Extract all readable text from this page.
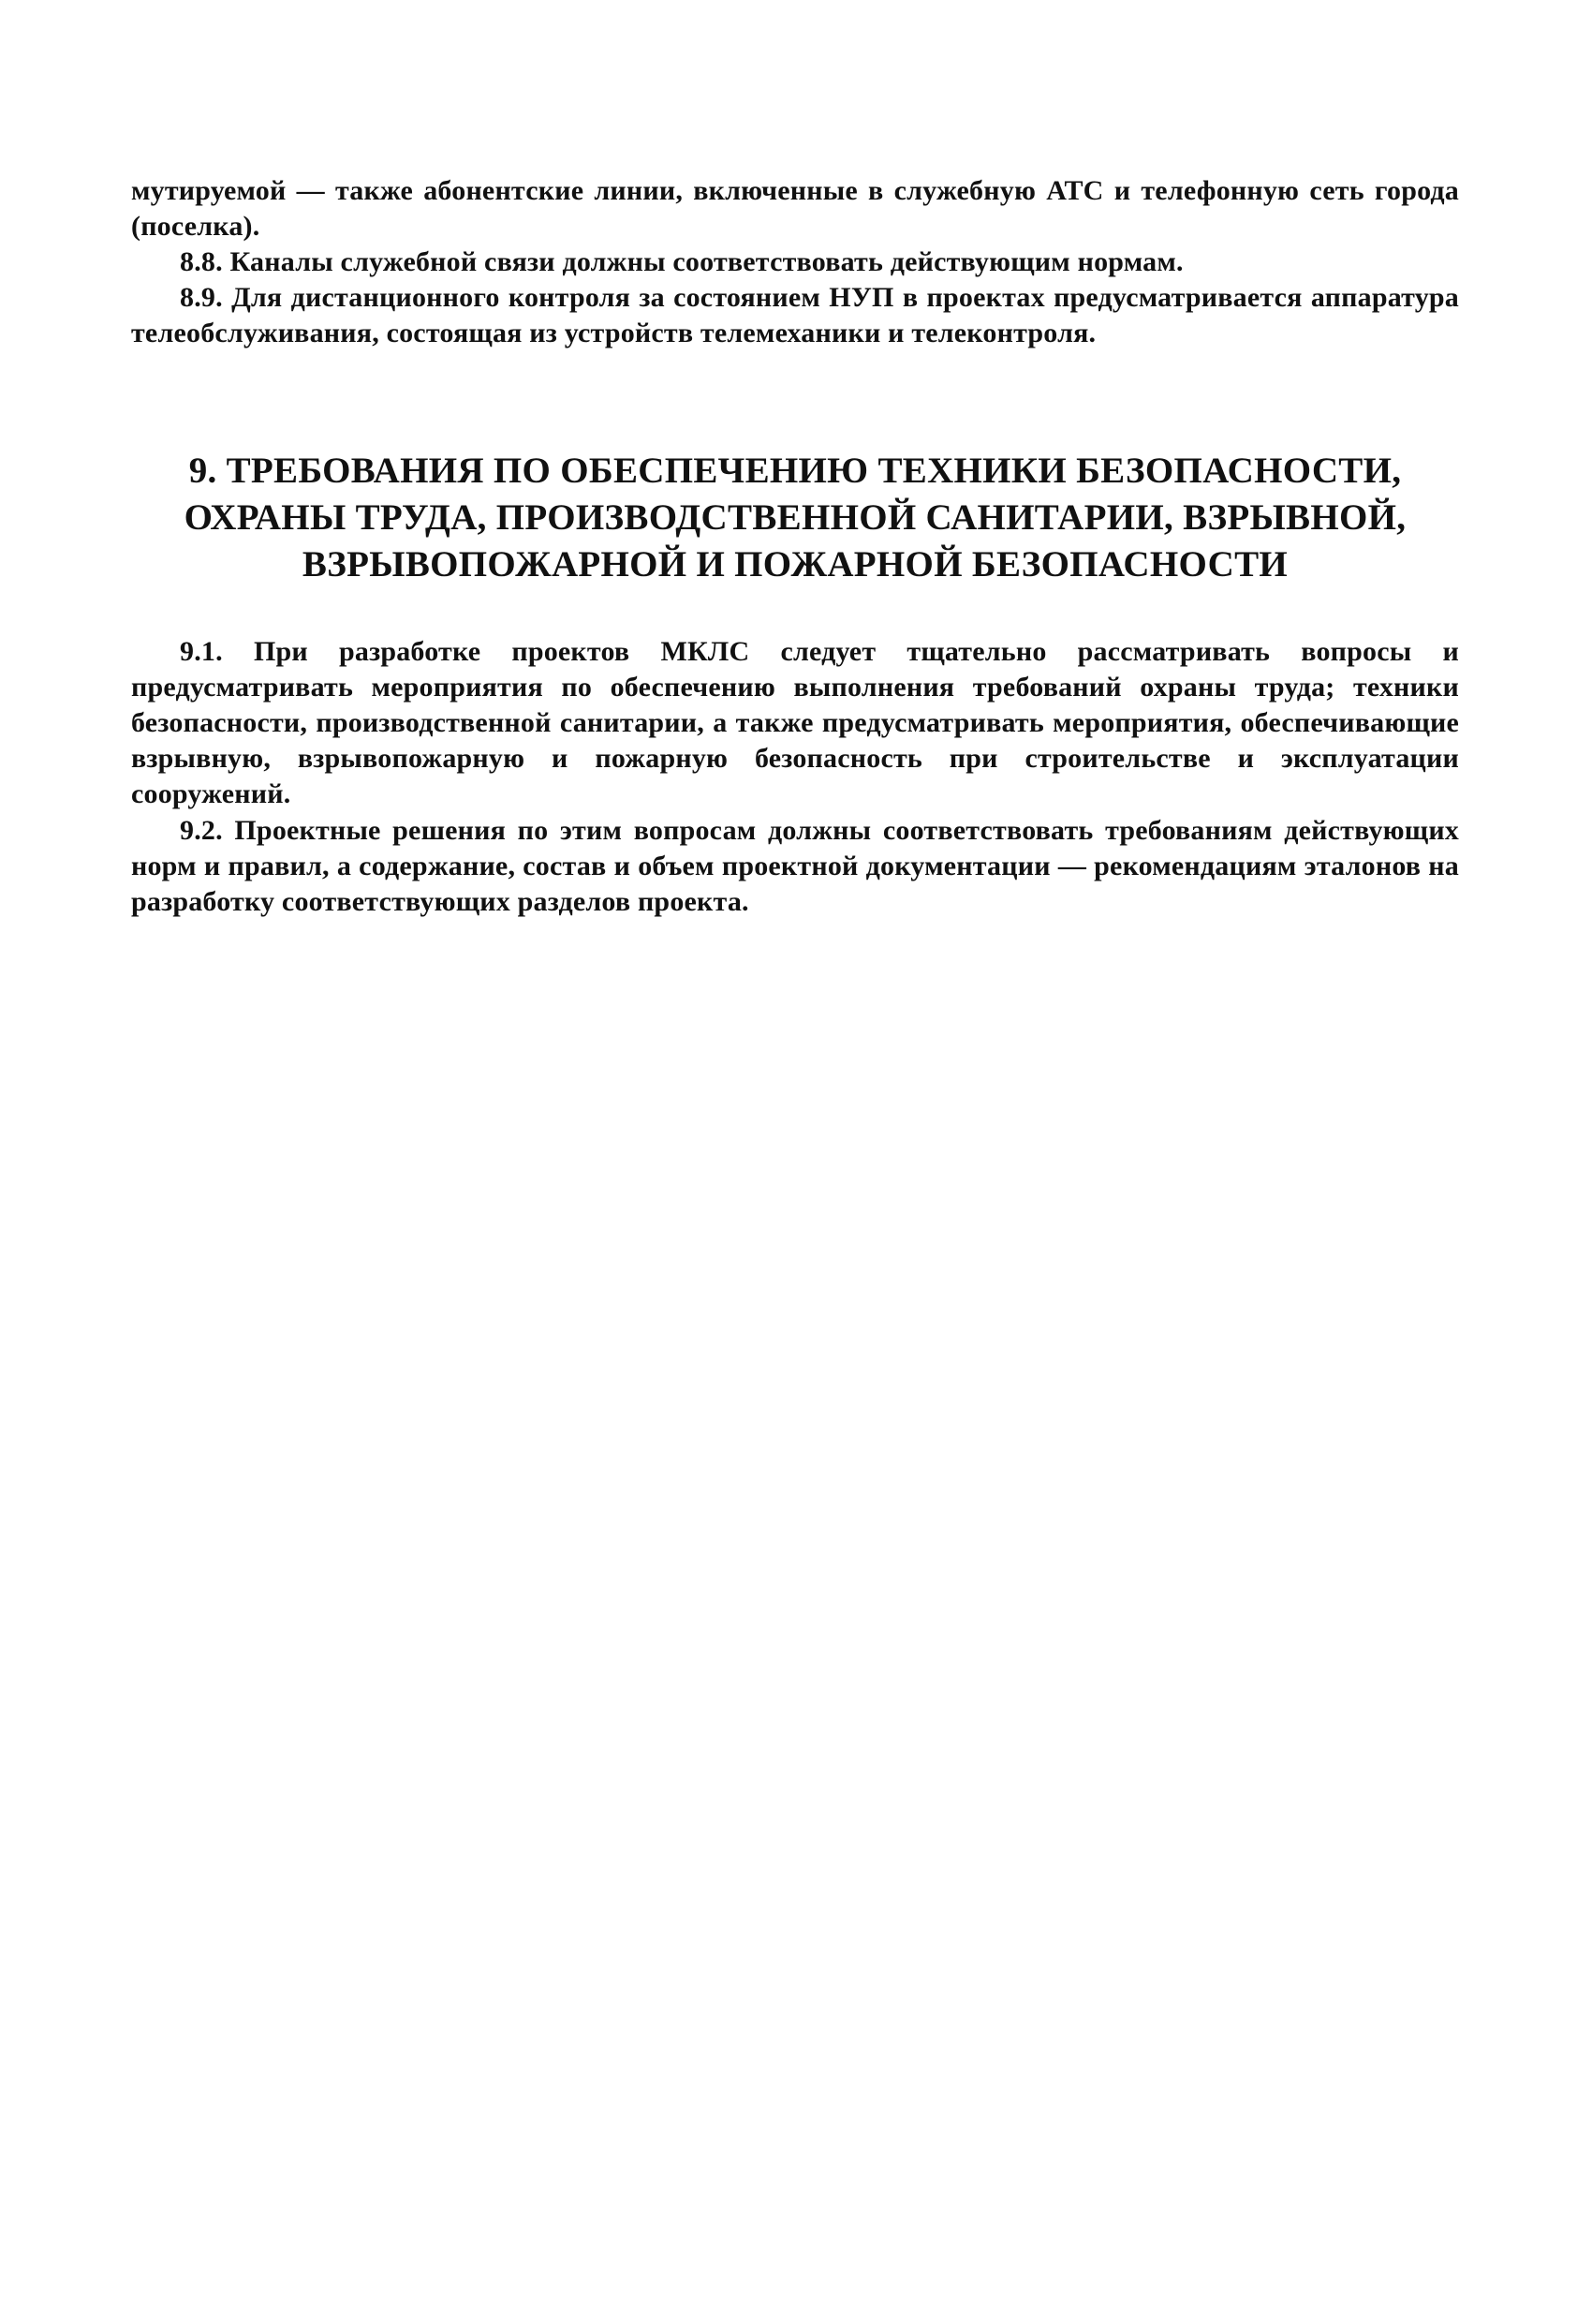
мутируемой — также абонентские линии, включенные в служебную АТС и телефонную сеть города (поселка).

8.8. Каналы служебной связи должны соответствовать действующим нормам.

8.9. Для дистанционного контроля за состоянием НУП в проектах предусматривается аппаратура телеобслуживания, состоящая из устройств телемеханики и телеконтроля.

9. ТРЕБОВАНИЯ ПО ОБЕСПЕЧЕНИЮ ТЕХНИКИ БЕЗОПАСНОСТИ,
ОХРАНЫ ТРУДА, ПРОИЗВОДСТВЕННОЙ САНИТАРИИ, ВЗРЫВНОЙ,
ВЗРЫВОПОЖАРНОЙ И ПОЖАРНОЙ БЕЗОПАСНОСТИ

9.1. При разработке проектов МКЛС следует тщательно рассматривать вопросы и предусматривать мероприятия по обеспечению выполнения требований охраны труда; техники безопасности, производственной санитарии, а также предусматривать мероприятия, обеспечивающие взрывную, взрывопожарную и пожарную безопасность при строительстве и эксплуатации сооружений.

9.2. Проектные решения по этим вопросам должны соответствовать требованиям действующих норм и правил, а содержание, состав и объем проектной документации — рекомендациям эталонов на разработку соответствующих разделов проекта.
